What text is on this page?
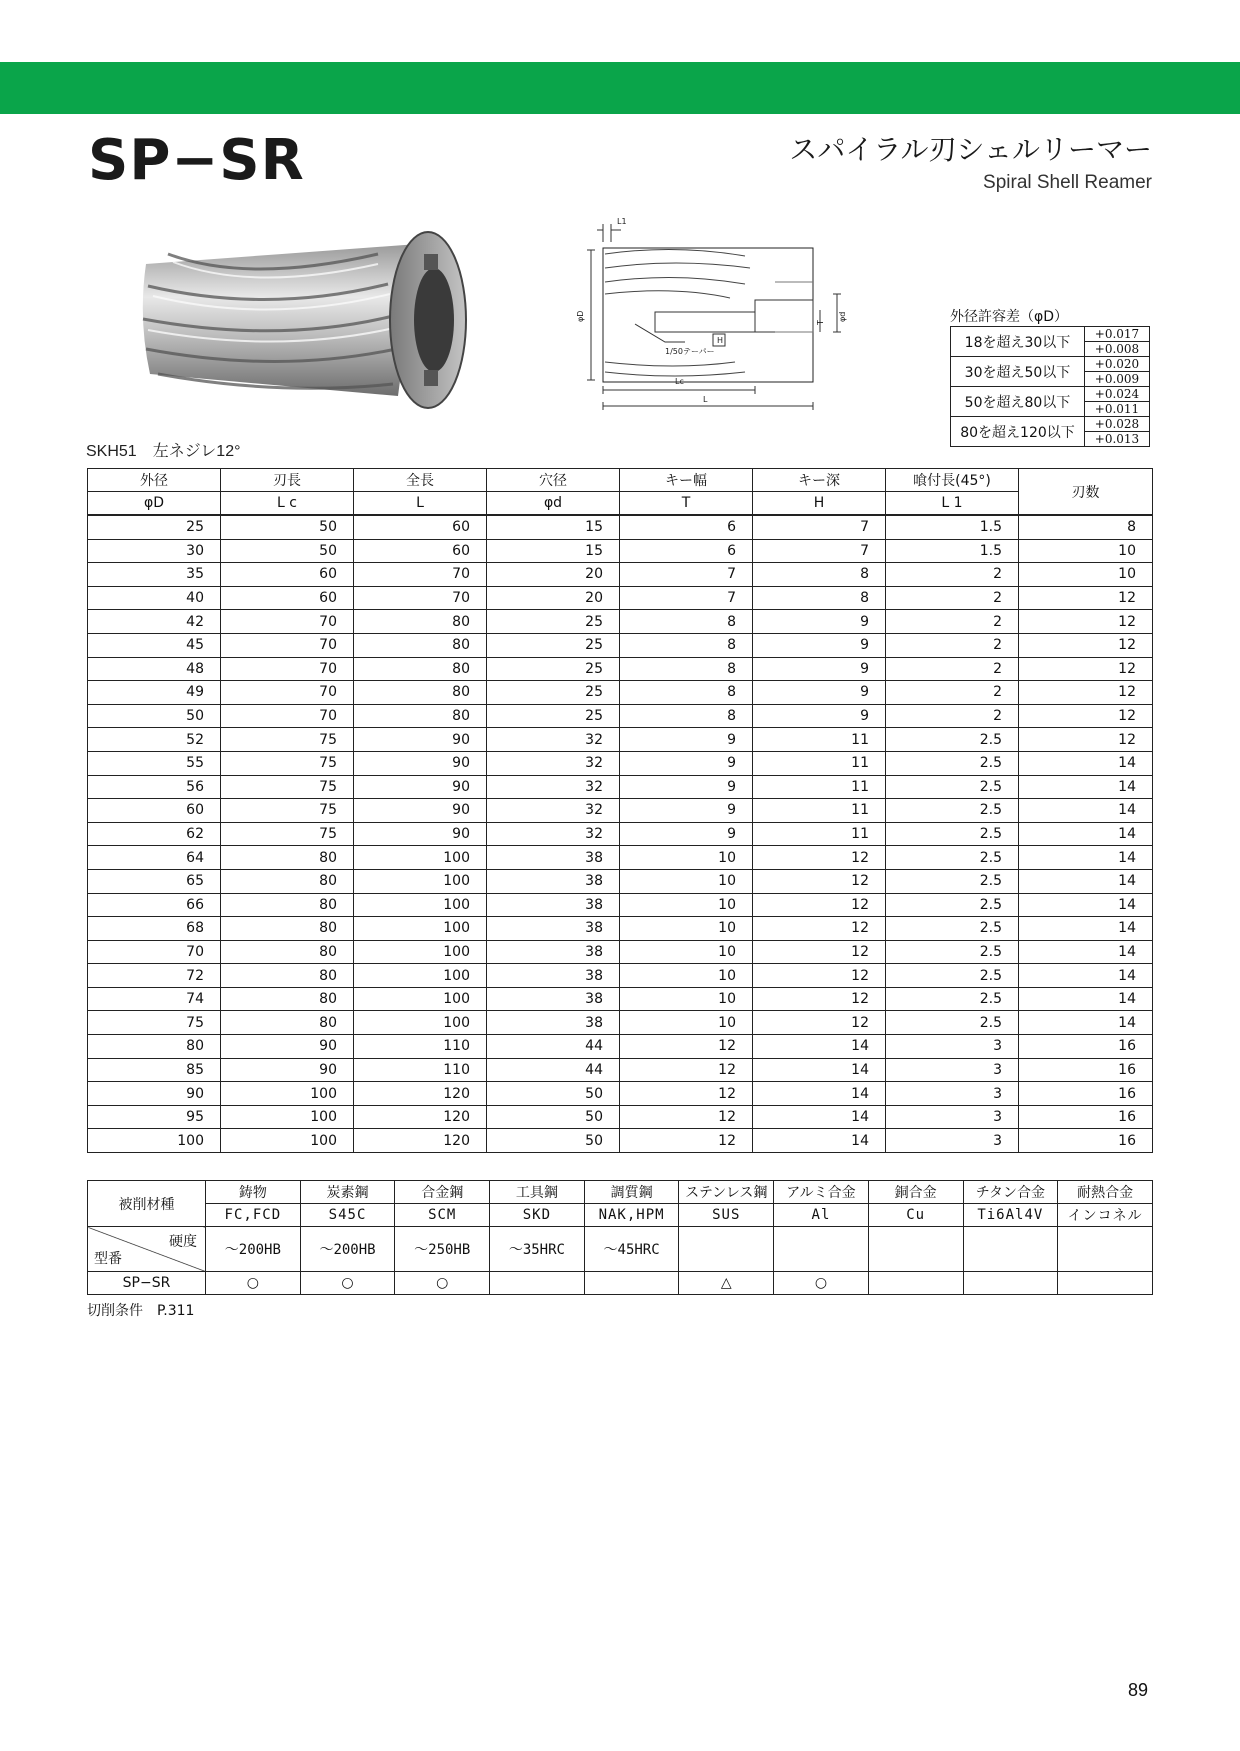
SP−SR	スパイラル刃シェルリーマー
Spiral Shell Reamer
φD	φd
T
H
1/50テーパー
Lc
L
L1
外径許容差（φD）
18を超え30以下	+0.017
	+0.008
30を超え50以下	+0.020
	+0.009
50を超え80以下	+0.024
	+0.011
80を超え120以下	+0.028
	+0.013
SKH51　左ネジレ12°
外径	刃長	全長	穴径	キー幅	キー深	喰付長(45°)	刃数
φD	L c	L	φd	T	H	L 1	
25	50	60	15	6	7	1.5	8
30	50	60	15	6	7	1.5	10
35	60	70	20	7	8	2	10
40	60	70	20	7	8	2	12
42	70	80	25	8	9	2	12
45	70	80	25	8	9	2	12
48	70	80	25	8	9	2	12
49	70	80	25	8	9	2	12
50	70	80	25	8	9	2	12
52	75	90	32	9	11	2.5	12
55	75	90	32	9	11	2.5	14
56	75	90	32	9	11	2.5	14
60	75	90	32	9	11	2.5	14
62	75	90	32	9	11	2.5	14
64	80	100	38	10	12	2.5	14
65	80	100	38	10	12	2.5	14
66	80	100	38	10	12	2.5	14
68	80	100	38	10	12	2.5	14
70	80	100	38	10	12	2.5	14
72	80	100	38	10	12	2.5	14
74	80	100	38	10	12	2.5	14
75	80	100	38	10	12	2.5	14
80	90	110	44	12	14	3	16
85	90	110	44	12	14	3	16
90	100	120	50	12	14	3	16
95	100	120	50	12	14	3	16
100	100	120	50	12	14	3	16
被削材種	鋳物	炭素鋼	合金鋼	工具鋼	調質鋼	ステンレス鋼	アルミ合金	銅合金	チタン合金	耐熱合金
	FC,FCD	S45C	SCM	SKD	NAK,HPM	SUS	Al	Cu	Ti6Al4V	インコネル

硬度
型番	～200HB	～200HB	～250HB	～35HRC	～45HRC					
SP−SR	○	○	○			△	○			
切削条件　P.311
89
